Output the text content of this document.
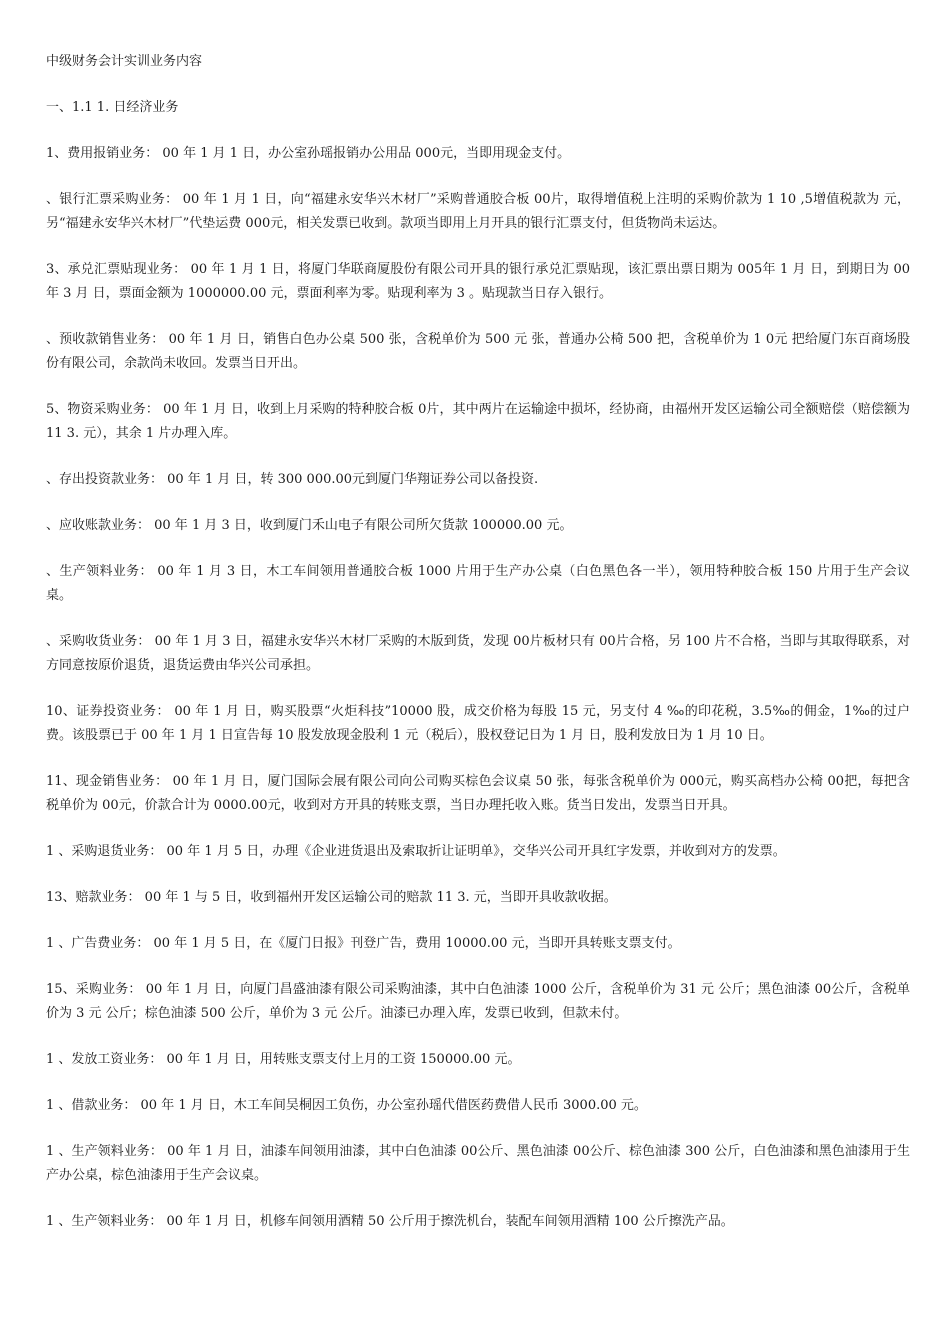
中级财务会计实训业务内容
一、1.1 1. 日经济业务
1、费用报销业务： 00 年 1 月 1 日，办公室孙瑶报销办公用品 000元，当即用现金支付。
、银行汇票采购业务： 00 年 1 月 1 日，向“福建永安华兴木材厂”采购普通胶合板 00片，取得增值税上注明的采购价款为 1 10 ,5增值税款为 元，另“福建永安华兴木材厂”代垫运费 000元，相关发票已收到。款项当即用上月开具的银行汇票支付，但货物尚未运达。
3、承兑汇票贴现业务： 00 年 1 月 1 日，将厦门华联商厦股份有限公司开具的银行承兑汇票贴现，该汇票出票日期为 005年 1 月 日，到期日为 00 年 3 月 日，票面金额为 1000000.00 元，票面利率为零。贴现利率为 3 。贴现款当日存入银行。
、预收款销售业务： 00 年 1 月 日，销售白色办公桌 500 张，含税单价为 500 元 张，普通办公椅 500 把，含税单价为 1 0元 把给厦门东百商场股份有限公司，余款尚未收回。发票当日开出。
5、物资采购业务： 00 年 1 月 日，收到上月采购的特种胶合板 0片，其中两片在运输途中损坏，经协商，由福州开发区运输公司全额赔偿（赔偿额为 11 3. 元），其余 1 片办理入库。
、存出投资款业务： 00 年 1 月 日，转 300 000.00元到厦门华翔证券公司以备投资.
、应收账款业务： 00 年 1 月 3 日，收到厦门禾山电子有限公司所欠货款 100000.00 元。
、生产领料业务： 00 年 1 月 3 日，木工车间领用普通胶合板 1000 片用于生产办公桌（白色黑色各一半），领用特种胶合板 150 片用于生产会议桌。
、采购收货业务： 00 年 1 月 3 日，福建永安华兴木材厂采购的木版到货，发现 00片板材只有 00片合格，另 100 片不合格，当即与其取得联系，对方同意按原价退货，退货运费由华兴公司承担。
10、证券投资业务： 00 年 1 月 日，购买股票“火炬科技”10000 股，成交价格为每股 15 元，另支付 4 ‰的印花税，3.5‰的佣金，1‰的过户费。该股票已于 00 年 1 月 1 日宣告每 10 股发放现金股利 1 元（税后），股权登记日为 1 月 日，股利发放日为 1 月 10 日。
11、现金销售业务： 00 年 1 月 日，厦门国际会展有限公司向公司购买棕色会议桌 50 张，每张含税单价为 000元，购买高档办公椅 00把，每把含税单价为 00元，价款合计为 0000.00元，收到对方开具的转账支票，当日办理托收入账。货当日发出，发票当日开具。
1 、采购退货业务： 00 年 1 月 5 日，办理《企业进货退出及索取折让证明单》，交华兴公司开具红字发票，并收到对方的发票。
13、赔款业务： 00 年 1 与 5 日，收到福州开发区运输公司的赔款 11 3. 元，当即开具收款收据。
1 、广告费业务： 00 年 1 月 5 日，在《厦门日报》刊登广告，费用 10000.00 元，当即开具转账支票支付。
15、采购业务： 00 年 1 月 日，向厦门昌盛油漆有限公司采购油漆，其中白色油漆 1000 公斤，含税单价为 31 元 公斤；黑色油漆 00公斤，含税单价为 3 元 公斤；棕色油漆 500 公斤，单价为 3 元 公斤。油漆已办理入库，发票已收到，但款未付。
1 、发放工资业务： 00 年 1 月 日，用转账支票支付上月的工资 150000.00 元。
1 、借款业务： 00 年 1 月 日，木工车间吴桐因工负伤，办公室孙瑶代借医药费借人民币 3000.00 元。
1 、生产领料业务： 00 年 1 月 日，油漆车间领用油漆，其中白色油漆 00公斤、黑色油漆 00公斤、棕色油漆 300 公斤，白色油漆和黑色油漆用于生产办公桌，棕色油漆用于生产会议桌。
1 、生产领料业务： 00 年 1 月 日，机修车间领用酒精 50 公斤用于擦洗机台，装配车间领用酒精 100 公斤擦洗产品。
